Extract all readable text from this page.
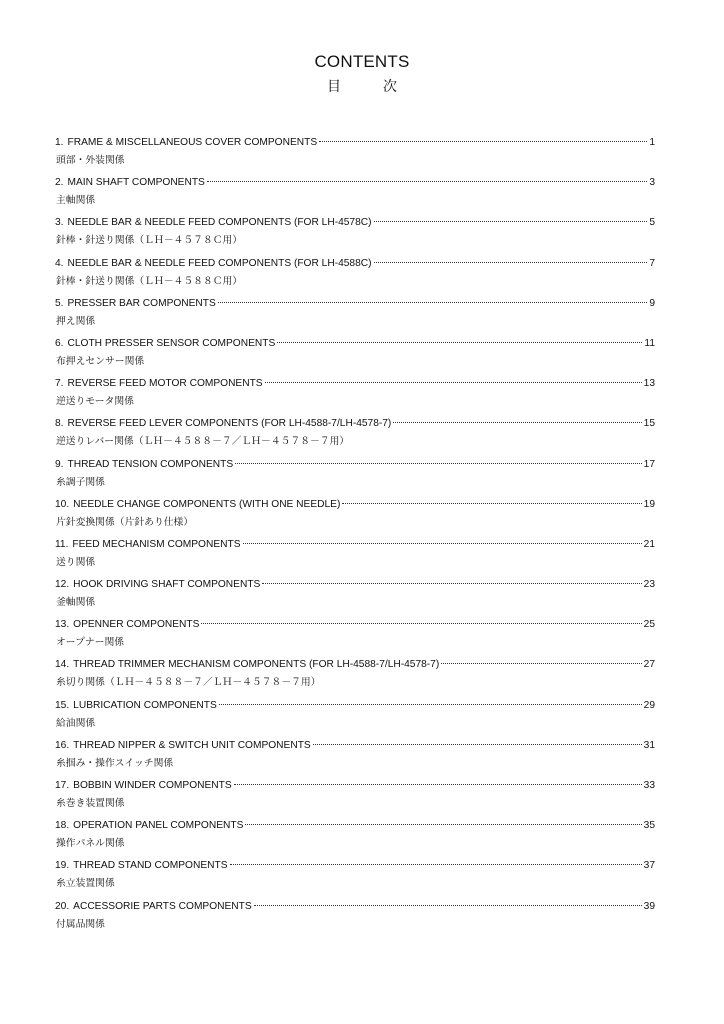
CONTENTS
目　次
1. FRAME & MISCELLANEOUS COVER COMPONENTS	1
頭部・外装関係
2. MAIN SHAFT COMPONENTS	3
主軸関係
3. NEEDLE BAR & NEEDLE FEED COMPONENTS (FOR LH-4578C)	5
針棒・針送り関係（ＬＨ－４５７８Ｃ用）
4. NEEDLE BAR & NEEDLE FEED COMPONENTS (FOR LH-4588C)	7
針棒・針送り関係（ＬＨ－４５８８Ｃ用）
5. PRESSER BAR COMPONENTS	9
押え関係
6. CLOTH PRESSER SENSOR COMPONENTS	11
布押えセンサー関係
7. REVERSE FEED MOTOR COMPONENTS	13
逆送りモータ関係
8. REVERSE FEED LEVER COMPONENTS (FOR LH-4588-7/LH-4578-7)	15
逆送りレバー関係（ＬＨ－４５８８－７／ＬＨ－４５７８－７用）
9. THREAD TENSION COMPONENTS	17
糸調子関係
10. NEEDLE CHANGE COMPONENTS (WITH ONE NEEDLE)	19
片針変換関係（片針あり仕様）
11. FEED MECHANISM COMPONENTS	21
送り関係
12. HOOK DRIVING SHAFT COMPONENTS	23
釜軸関係
13. OPENNER COMPONENTS	25
オープナー関係
14. THREAD TRIMMER MECHANISM COMPONENTS (FOR LH-4588-7/LH-4578-7)	27
糸切り関係（ＬＨ－４５８８－７／ＬＨ－４５７８－７用）
15. LUBRICATION COMPONENTS	29
給油関係
16. THREAD NIPPER & SWITCH UNIT COMPONENTS	31
糸掴み・操作スイッチ関係
17. BOBBIN WINDER COMPONENTS	33
糸巻き装置関係
18. OPERATION PANEL COMPONENTS	35
操作パネル関係
19. THREAD STAND COMPONENTS	37
糸立装置関係
20. ACCESSORIE PARTS COMPONENTS	39
付属品関係
